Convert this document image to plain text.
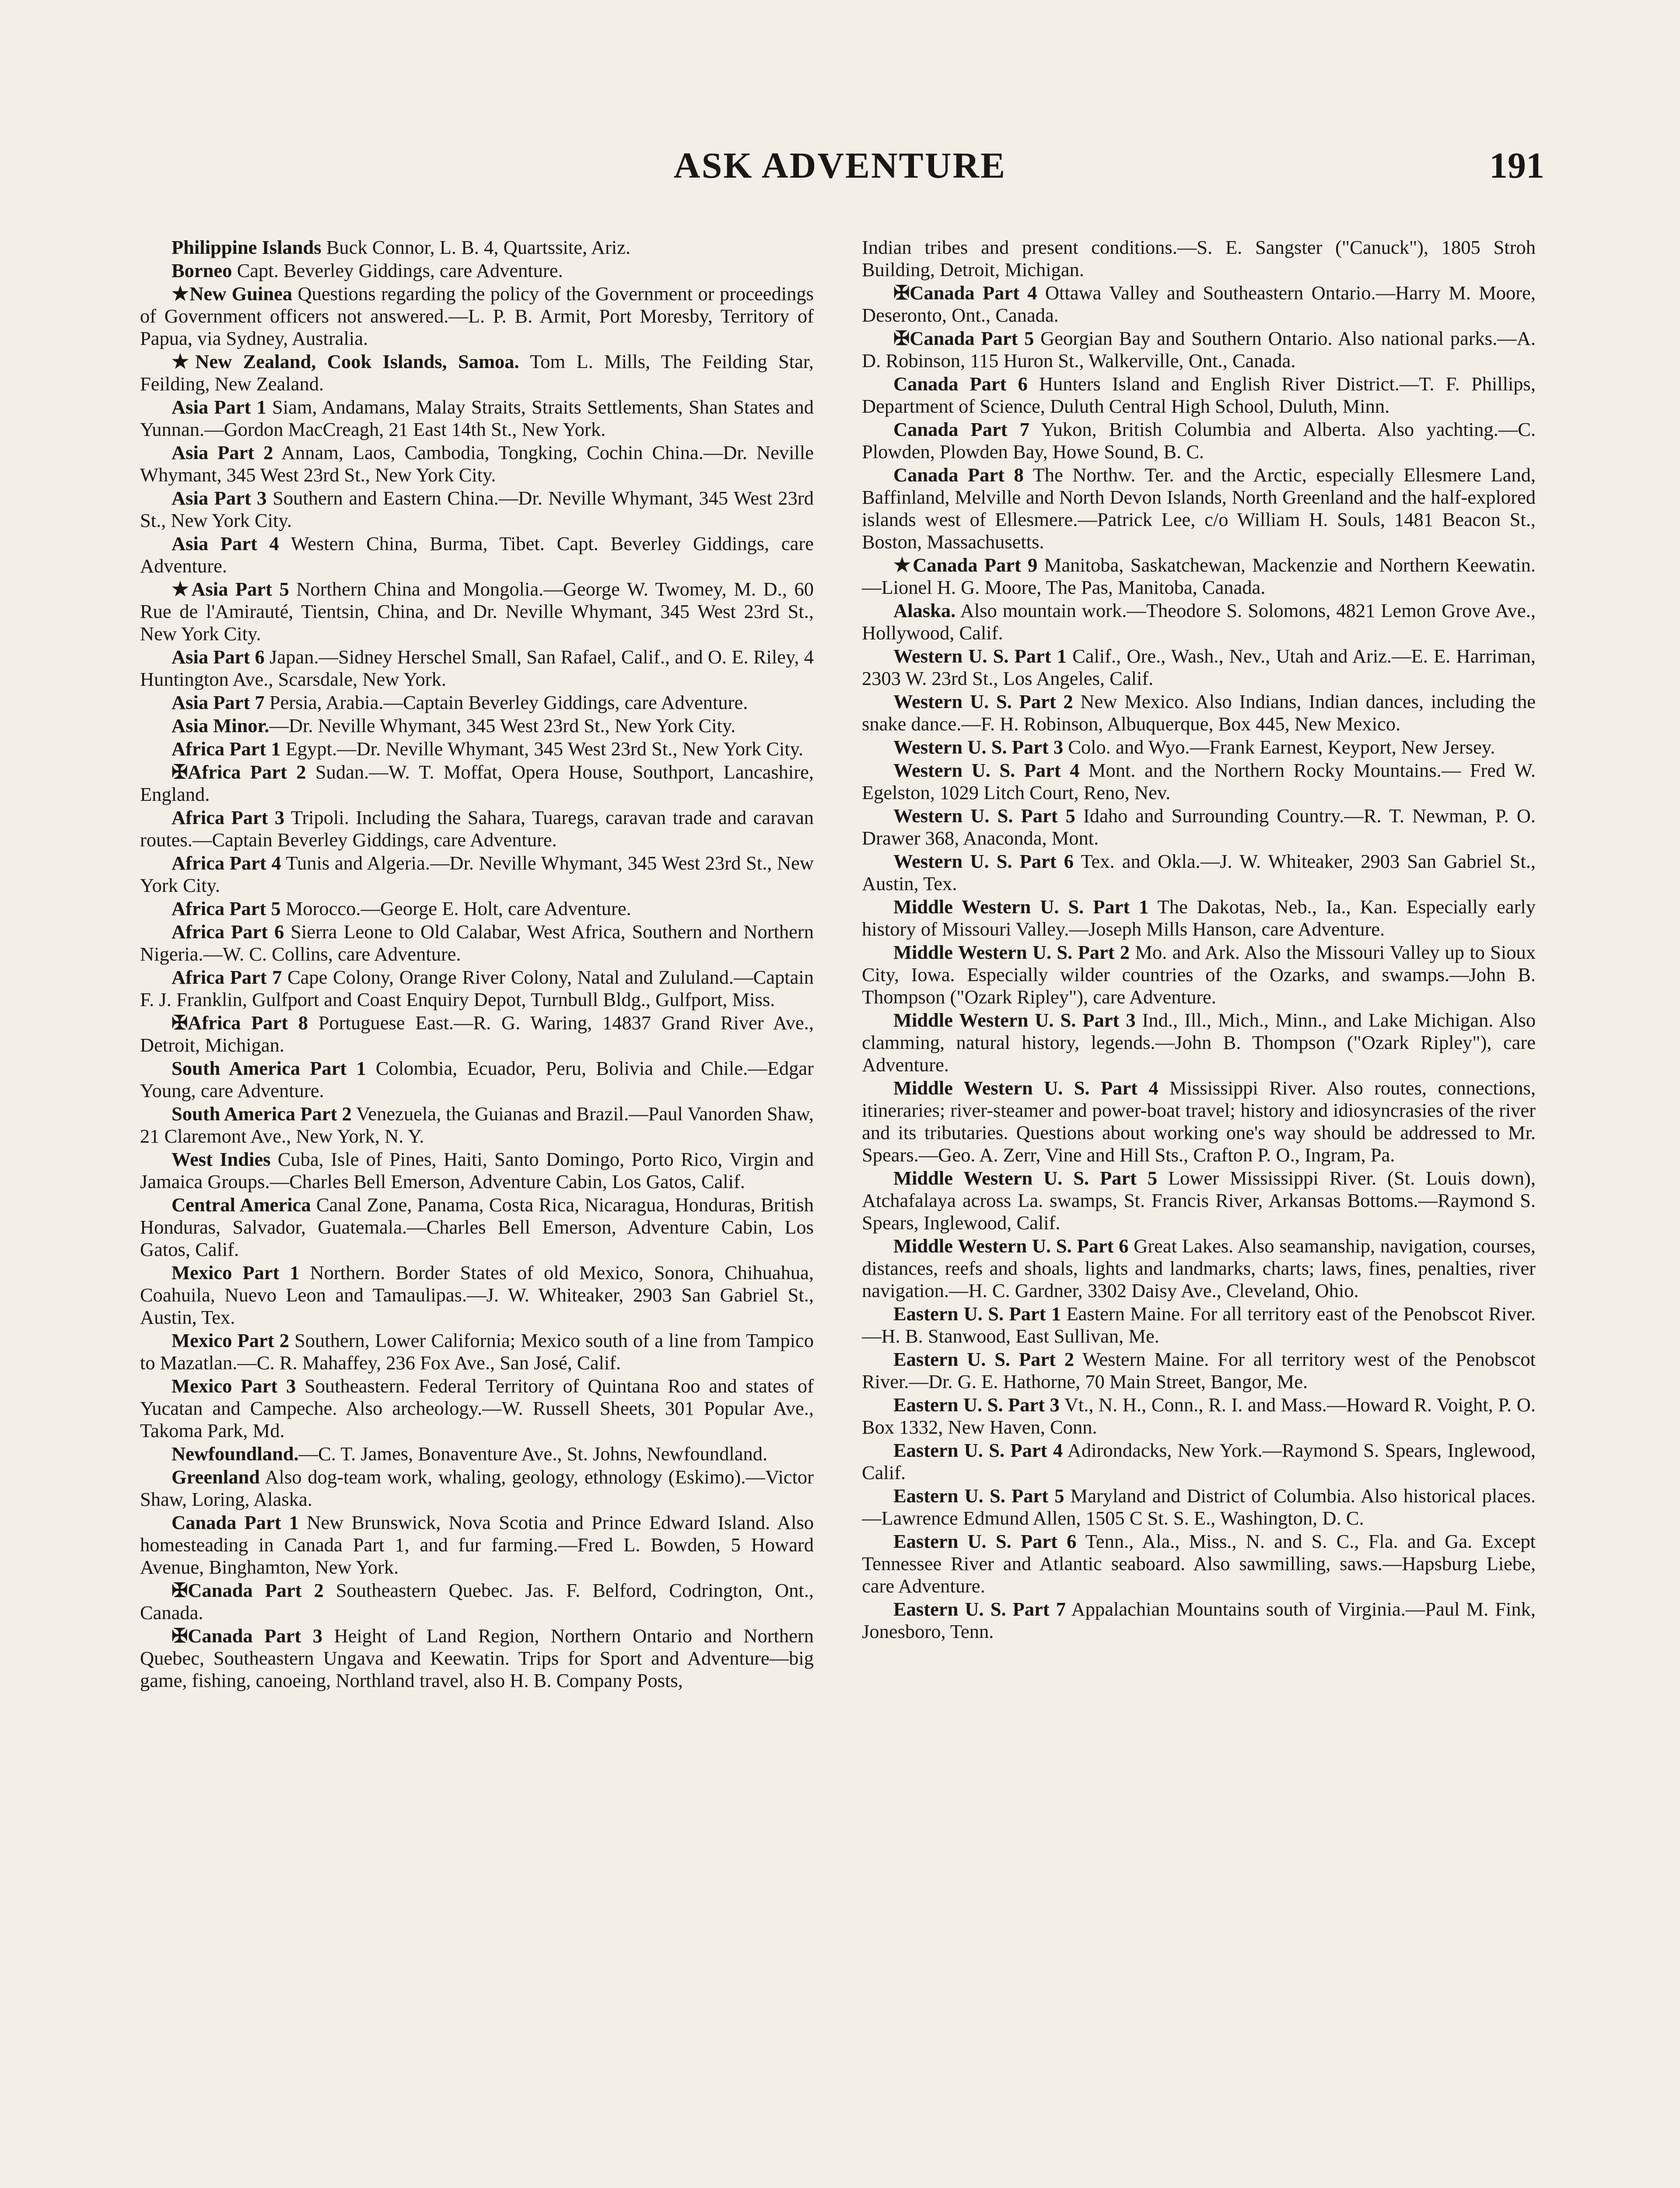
ASK ADVENTURE	191

Philippine Islands Buck Connor, L. B. 4, Quartssite, Ariz.

Borneo Capt. Beverley Giddings, care Adventure.

★New Guinea Questions regarding the policy of the Government or proceedings of Government officers not answered.—L. P. B. Armit, Port Moresby, Territory of Papua, via Sydney, Australia.

★New Zealand, Cook Islands, Samoa. Tom L. Mills, The Feilding Star, Feilding, New Zealand.

Asia Part 1 Siam, Andamans, Malay Straits, Straits Settlements, Shan States and Yunnan.—Gordon MacCreagh, 21 East 14th St., New York.

Asia Part 2 Annam, Laos, Cambodia, Tongking, Cochin China.—Dr. Neville Whymant, 345 West 23rd St., New York City.

Asia Part 3 Southern and Eastern China.—Dr. Neville Whymant, 345 West 23rd St., New York City.

Asia Part 4 Western China, Burma, Tibet. Capt. Beverley Giddings, care Adventure.

★Asia Part 5 Northern China and Mongolia.—George W. Twomey, M. D., 60 Rue de l'Amirauté, Tientsin, China, and Dr. Neville Whymant, 345 West 23rd St., New York City.

Asia Part 6 Japan.—Sidney Herschel Small, San Rafael, Calif., and O. E. Riley, 4 Huntington Ave., Scarsdale, New York.

Asia Part 7 Persia, Arabia.—Captain Beverley Giddings, care Adventure.

Asia Minor.—Dr. Neville Whymant, 345 West 23rd St., New York City.

Africa Part 1 Egypt.—Dr. Neville Whymant, 345 West 23rd St., New York City.

✠Africa Part 2 Sudan.—W. T. Moffat, Opera House, Southport, Lancashire, England.

Africa Part 3 Tripoli. Including the Sahara, Tuaregs, caravan trade and caravan routes.—Captain Beverley Giddings, care Adventure.

Africa Part 4 Tunis and Algeria.—Dr. Neville Whymant, 345 West 23rd St., New York City.

Africa Part 5 Morocco.—George E. Holt, care Adventure.

Africa Part 6 Sierra Leone to Old Calabar, West Africa, Southern and Northern Nigeria.—W. C. Collins, care Adventure.

Africa Part 7 Cape Colony, Orange River Colony, Natal and Zululand.—Captain F. J. Franklin, Gulfport and Coast Enquiry Depot, Turnbull Bldg., Gulfport, Miss.

✠Africa Part 8 Portuguese East.—R. G. Waring, 14837 Grand River Ave., Detroit, Michigan.

South America Part 1 Colombia, Ecuador, Peru, Bolivia and Chile.—Edgar Young, care Adventure.

South America Part 2 Venezuela, the Guianas and Brazil.—Paul Vanorden Shaw, 21 Claremont Ave., New York, N. Y.

West Indies Cuba, Isle of Pines, Haiti, Santo Domingo, Porto Rico, Virgin and Jamaica Groups.—Charles Bell Emerson, Adventure Cabin, Los Gatos, Calif.

Central America Canal Zone, Panama, Costa Rica, Nicaragua, Honduras, British Honduras, Salvador, Guatemala.—Charles Bell Emerson, Adventure Cabin, Los Gatos, Calif.

Mexico Part 1 Northern. Border States of old Mexico, Sonora, Chihuahua, Coahuila, Nuevo Leon and Tamaulipas.—J. W. Whiteaker, 2903 San Gabriel St., Austin, Tex.

Mexico Part 2 Southern, Lower California; Mexico south of a line from Tampico to Mazatlan.—C. R. Mahaffey, 236 Fox Ave., San José, Calif.

Mexico Part 3 Southeastern. Federal Territory of Quintana Roo and states of Yucatan and Campeche. Also archeology.—W. Russell Sheets, 301 Popular Ave., Takoma Park, Md.

Newfoundland.—C. T. James, Bonaventure Ave., St. Johns, Newfoundland.

Greenland Also dog-team work, whaling, geology, ethnology (Eskimo).—Victor Shaw, Loring, Alaska.

Canada Part 1 New Brunswick, Nova Scotia and Prince Edward Island. Also homesteading in Canada Part 1, and fur farming.—Fred L. Bowden, 5 Howard Avenue, Binghamton, New York.

✠Canada Part 2 Southeastern Quebec. Jas. F. Belford, Codrington, Ont., Canada.

✠Canada Part 3 Height of Land Region, Northern Ontario and Northern Quebec, Southeastern Ungava and Keewatin. Trips for Sport and Adventure—big game, fishing, canoeing, Northland travel, also H. B. Company Posts,

Indian tribes and present conditions.—S. E. Sangster ("Canuck"), 1805 Stroh Building, Detroit, Michigan.

✠Canada Part 4 Ottawa Valley and Southeastern Ontario.—Harry M. Moore, Deseronto, Ont., Canada.

✠Canada Part 5 Georgian Bay and Southern Ontario. Also national parks.—A. D. Robinson, 115 Huron St., Walkerville, Ont., Canada.

Canada Part 6 Hunters Island and English River District.—T. F. Phillips, Department of Science, Duluth Central High School, Duluth, Minn.

Canada Part 7 Yukon, British Columbia and Alberta. Also yachting.—C. Plowden, Plowden Bay, Howe Sound, B. C.

Canada Part 8 The Northw. Ter. and the Arctic, especially Ellesmere Land, Baffinland, Melville and North Devon Islands, North Greenland and the half-explored islands west of Ellesmere.—Patrick Lee, c/o William H. Souls, 1481 Beacon St., Boston, Massachusetts.

★Canada Part 9 Manitoba, Saskatchewan, Mackenzie and Northern Keewatin.—Lionel H. G. Moore, The Pas, Manitoba, Canada.

Alaska. Also mountain work.—Theodore S. Solomons, 4821 Lemon Grove Ave., Hollywood, Calif.

Western U. S. Part 1 Calif., Ore., Wash., Nev., Utah and Ariz.—E. E. Harriman, 2303 W. 23rd St., Los Angeles, Calif.

Western U. S. Part 2 New Mexico. Also Indians, Indian dances, including the snake dance.—F. H. Robinson, Albuquerque, Box 445, New Mexico.

Western U. S. Part 3 Colo. and Wyo.—Frank Earnest, Keyport, New Jersey.

Western U. S. Part 4 Mont. and the Northern Rocky Mountains.— Fred W. Egelston, 1029 Litch Court, Reno, Nev.

Western U. S. Part 5 Idaho and Surrounding Country.—R. T. Newman, P. O. Drawer 368, Anaconda, Mont.

Western U. S. Part 6 Tex. and Okla.—J. W. Whiteaker, 2903 San Gabriel St., Austin, Tex.

Middle Western U. S. Part 1 The Dakotas, Neb., Ia., Kan. Especially early history of Missouri Valley.—Joseph Mills Hanson, care Adventure.

Middle Western U. S. Part 2 Mo. and Ark. Also the Missouri Valley up to Sioux City, Iowa. Especially wilder countries of the Ozarks, and swamps.—John B. Thompson ("Ozark Ripley"), care Adventure.

Middle Western U. S. Part 3 Ind., Ill., Mich., Minn., and Lake Michigan. Also clamming, natural history, legends.—John B. Thompson ("Ozark Ripley"), care Adventure.

Middle Western U. S. Part 4 Mississippi River. Also routes, connections, itineraries; river-steamer and power-boat travel; history and idiosyncrasies of the river and its tributaries. Questions about working one's way should be addressed to Mr. Spears.—Geo. A. Zerr, Vine and Hill Sts., Crafton P. O., Ingram, Pa.

Middle Western U. S. Part 5 Lower Mississippi River. (St. Louis down), Atchafalaya across La. swamps, St. Francis River, Arkansas Bottoms.—Raymond S. Spears, Inglewood, Calif.

Middle Western U. S. Part 6 Great Lakes. Also seamanship, navigation, courses, distances, reefs and shoals, lights and landmarks, charts; laws, fines, penalties, river navigation.—H. C. Gardner, 3302 Daisy Ave., Cleveland, Ohio.

Eastern U. S. Part 1 Eastern Maine. For all territory east of the Penobscot River.—H. B. Stanwood, East Sullivan, Me.

Eastern U. S. Part 2 Western Maine. For all territory west of the Penobscot River.—Dr. G. E. Hathorne, 70 Main Street, Bangor, Me.

Eastern U. S. Part 3 Vt., N. H., Conn., R. I. and Mass.—Howard R. Voight, P. O. Box 1332, New Haven, Conn.

Eastern U. S. Part 4 Adirondacks, New York.—Raymond S. Spears, Inglewood, Calif.

Eastern U. S. Part 5 Maryland and District of Columbia. Also historical places.—Lawrence Edmund Allen, 1505 C St. S. E., Washington, D. C.

Eastern U. S. Part 6 Tenn., Ala., Miss., N. and S. C., Fla. and Ga. Except Tennessee River and Atlantic seaboard. Also sawmilling, saws.—Hapsburg Liebe, care Adventure.

Eastern U. S. Part 7 Appalachian Mountains south of Virginia.—Paul M. Fink, Jonesboro, Tenn.
